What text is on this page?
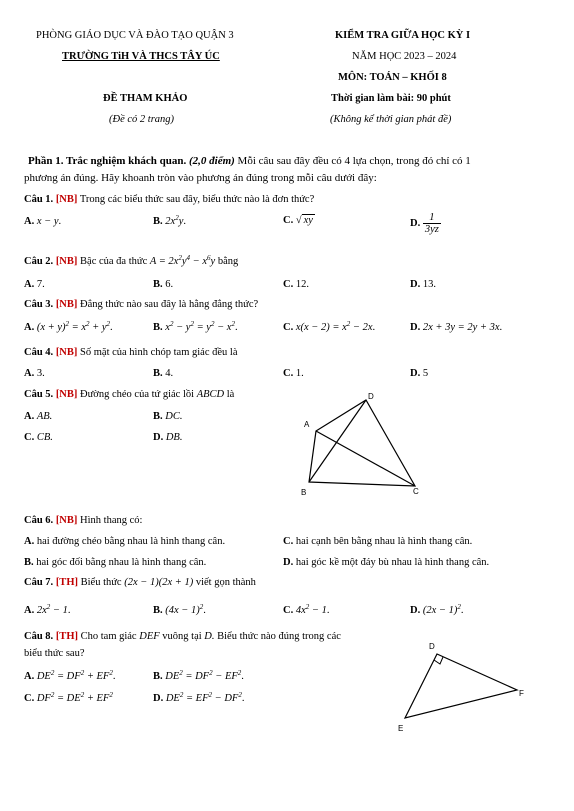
PHÒNG GIÁO DỤC VÀ ĐÀO TẠO QUẬN 3
TRƯỜNG TiH VÀ THCS TÂY ÚC
ĐỀ THAM KHẢO
(Đề có 2 trang)
KIỂM TRA GIỮA HỌC KỲ I
NĂM HỌC 2023 – 2024
MÔN: TOÁN – KHỐI 8
Thời gian làm bài: 90 phút
(Không kể thời gian phát đề)
Phần 1. Trắc nghiệm khách quan. (2,0 điểm) Mỗi câu sau đây đều có 4 lựa chọn, trong đó chỉ có 1
phương án đúng. Hãy khoanh tròn vào phương án đúng trong mỗi câu dưới đây:
Câu 1. [NB] Trong các biểu thức sau đây, biểu thức nào là đơn thức?
A. x − y.	B. $2x^2y$.	C. √ xy	D. $\frac{1}{3yz}$
Câu 2. [NB] Bậc của đa thức $A = 2x^2y^4 - x^6y$ bằng
A. 7.	B. 6.	C. 12.	D. 13.
Câu 3. [NB] Đẳng thức nào sau đây là hằng đẳng thức?
A. $(x + y)^2 = x^2 + y^2$.	B. $x^2 - y^2 = y^2 - x^2$.	C. $x(x - 2) = x^2 - 2x$.	D. 2x + 3y = 2y + 3x.
Câu 4. [NB] Số mặt của hình chóp tam giác đều là
A. 3.	B. 4.	C. 1.	D. 5
Câu 5. [NB] Đường chéo của tứ giác lồi ABCD là
A. AB.	B. DC.
C. CB.	D. DB.
A
B	C
D
Câu 6. [NB] Hình thang có:
A. hai đường chéo bằng nhau là hình thang cân.	C. hai cạnh bên bằng nhau là hình thang cân.
B. hai góc đối bằng nhau là hình thang cân.	D. hai góc kề một đáy bù nhau là hình thang cân.
Câu 7. [TH] Biểu thức (2x − 1)(2x + 1) viết gọn thành
A. $2x^2 - 1$.	B. $(4x - 1)^2$.	C. $4x^2 - 1$.	D. $(2x - 1)^2$.
Câu 8. [TH] Cho tam giác DEF vuông tại D. Biểu thức nào đúng trong các
biểu thức sau?
A. $DE^2 = DF^2 + EF^2$.	B. $DE^2 = DF^2 - EF^2$.
C. $DF^2 = DE^2 + EF^2$	D. $DE^2 = EF^2 - DF^2$.
D
E
F
